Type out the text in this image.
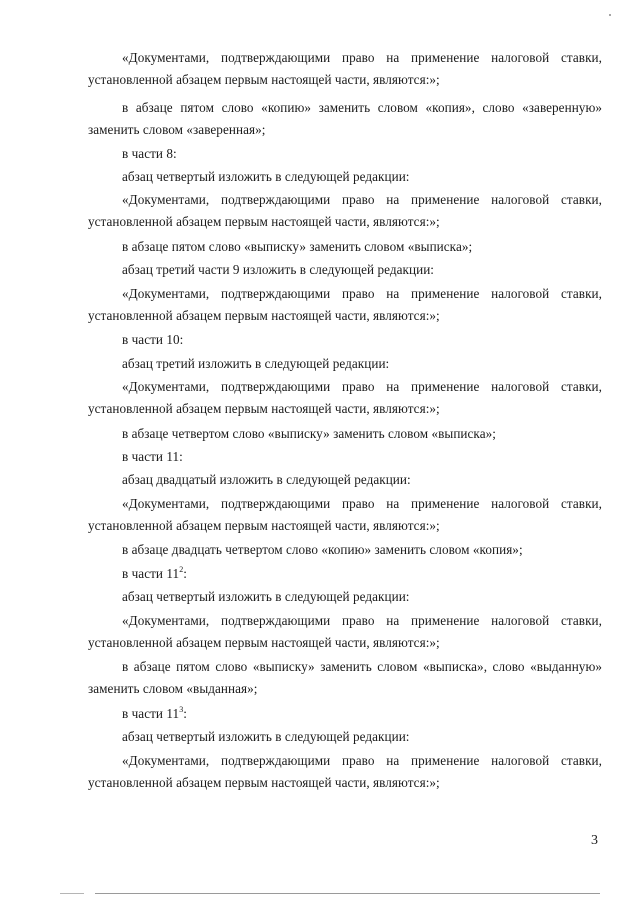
«Документами, подтверждающими право на применение налоговой ставки, установленной абзацем первым настоящей части, являются:»;

в абзаце пятом слово «копию» заменить словом «копия», слово «заверенную» заменить словом «заверенная»;

в части 8:

абзац четвертый изложить в следующей редакции:

«Документами, подтверждающими право на применение налоговой ставки, установленной абзацем первым настоящей части, являются:»;

в абзаце пятом слово «выписку» заменить словом «выписка»;

абзац третий части 9 изложить в следующей редакции:

«Документами, подтверждающими право на применение налоговой ставки, установленной абзацем первым настоящей части, являются:»;

в части 10:

абзац третий изложить в следующей редакции:

«Документами, подтверждающими право на применение налоговой ставки, установленной абзацем первым настоящей части, являются:»;

в абзаце четвертом слово «выписку» заменить словом «выписка»;

в части 11:

абзац двадцатый изложить в следующей редакции:

«Документами, подтверждающими право на применение налоговой ставки, установленной абзацем первым настоящей части, являются:»;

в абзаце двадцать четвертом слово «копию» заменить словом «копия»;

в части $11^2$:

абзац четвертый изложить в следующей редакции:

«Документами, подтверждающими право на применение налоговой ставки, установленной абзацем первым настоящей части, являются:»;

в абзаце пятом слово «выписку» заменить словом «выписка», слово «выданную» заменить словом «выданная»;

в части $11^3$:

абзац четвертый изложить в следующей редакции:

«Документами, подтверждающими право на применение налоговой ставки, установленной абзацем первым настоящей части, являются:»;

3
